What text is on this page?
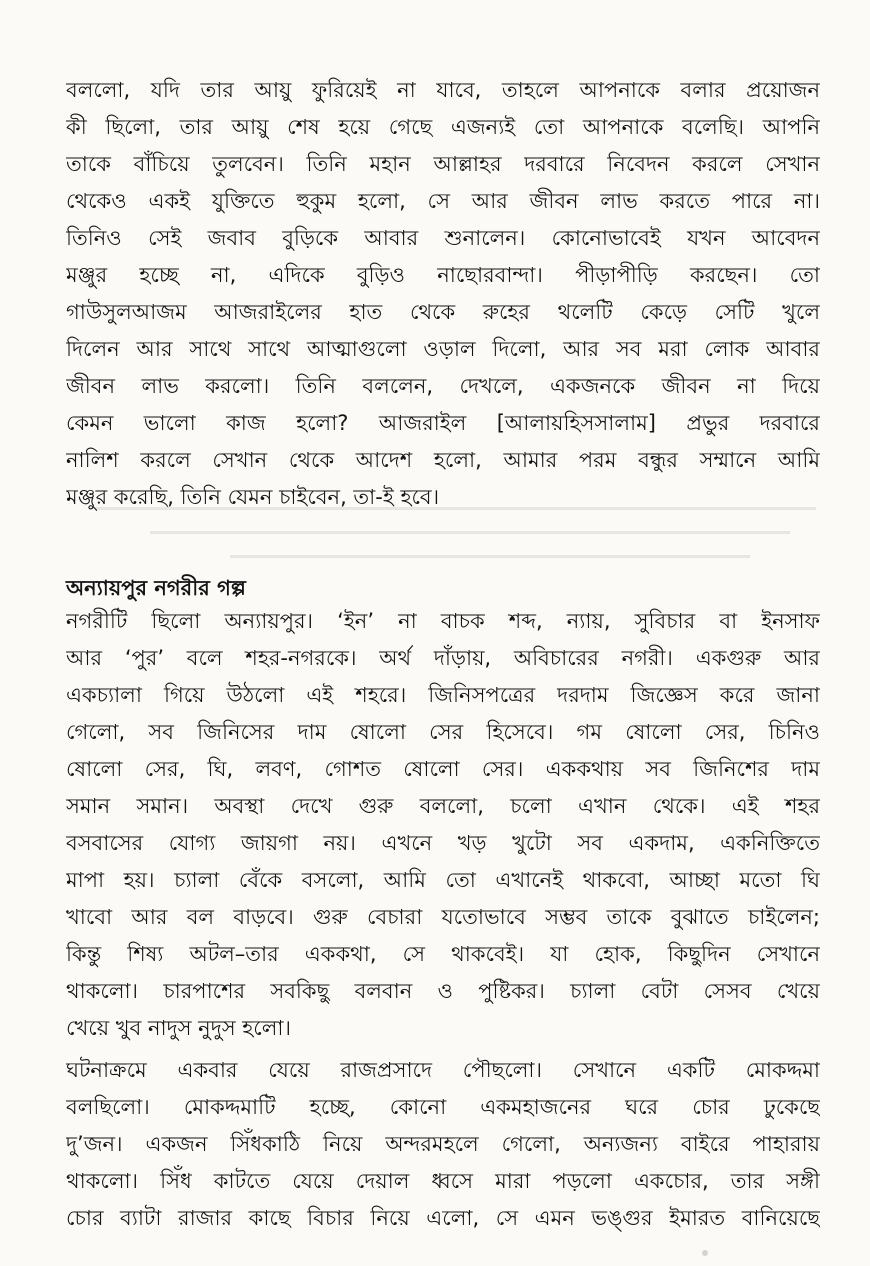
বললো, যদি তার আয়ু ফুরিয়েই না যাবে, তাহলে আপনাকে বলার প্রয়োজন
কী ছিলো, তার আয়ু শেষ হয়ে গেছে এজন্যই তো আপনাকে বলেছি। আপনি
তাকে বাঁচিয়ে তুলবেন। তিনি মহান আল্লাহর দরবারে নিবেদন করলে সেখান
থেকেও একই যুক্তিতে হুকুম হলো, সে আর জীবন লাভ করতে পারে না।
তিনিও সেই জবাব বুড়িকে আবার শুনালেন। কোনোভাবেই যখন আবেদন
মঞ্জুর হচ্ছে না, এদিকে বুড়িও নাছোরবান্দা। পীড়াপীড়ি করছেন। তো
গাউসুলআজম আজরাইলের হাত থেকে রুহের থলেটি কেড়ে সেটি খুলে
দিলেন আর সাথে সাথে আত্মাগুলো ওড়াল দিলো, আর সব মরা লোক আবার
জীবন লাভ করলো। তিনি বললেন, দেখলে, একজনকে জীবন না দিয়ে
কেমন ভালো কাজ হলো? আজরাইল [আলায়হিসসালাম] প্রভুর দরবারে
নালিশ করলে সেখান থেকে আদেশ হলো, আমার পরম বন্ধুর সম্মানে আমি
মঞ্জুর করেছি, তিনি যেমন চাইবেন, তা-ই হবে।
অন্যায়পুর নগরীর গল্প
নগরীটি ছিলো অন্যায়পুর। ‘ইন’ না বাচক শব্দ, ন্যায়, সুবিচার বা ইনসাফ
আর ‘পুর’ বলে শহর-নগরকে। অর্থ দাঁড়ায়, অবিচারের নগরী। একগুরু আর
একচ্যালা গিয়ে উঠলো এই শহরে। জিনিসপত্রের দরদাম জিজ্ঞেস করে জানা
গেলো, সব জিনিসের দাম ষোলো সের হিসেবে। গম ষোলো সের, চিনিও
ষোলো সের, ঘি, লবণ, গোশত ষোলো সের। এককথায় সব জিনিশের দাম
সমান সমান। অবস্থা দেখে গুরু বললো, চলো এখান থেকে। এই শহর
বসবাসের যোগ্য জায়গা নয়। এখনে খড় খুটো সব একদাম, একনিক্তিতে
মাপা হয়। চ্যালা বেঁকে বসলো, আমি তো এখানেই থাকবো, আচ্ছা মতো ঘি
খাবো আর বল বাড়বে। গুরু বেচারা যতোভাবে সম্ভব তাকে বুঝাতে চাইলেন;
কিন্তু শিষ্য অটল–তার এককথা, সে থাকবেই। যা হোক, কিছুদিন সেখানে
থাকলো। চারপাশের সবকিছু বলবান ও পুষ্টিকর। চ্যালা বেটা সেসব খেয়ে
খেয়ে খুব নাদুস নুদুস হলো।
ঘটনাক্রমে একবার যেয়ে রাজপ্রসাদে পৌছলো। সেখানে একটি মোকদ্দমা
বলছিলো। মোকদ্দমাটি হচ্ছে, কোনো একমহাজনের ঘরে চোর ঢুকেছে
দু’জন। একজন সিঁধকাঠি নিয়ে অন্দরমহলে গেলো, অন্যজন্য বাইরে পাহারায়
থাকলো। সিঁধ কাটতে যেয়ে দেয়াল ধ্বসে মারা পড়লো একচোর, তার সঙ্গী
চোর ব্যাটা রাজার কাছে বিচার নিয়ে এলো, সে এমন ভঙ্গুর ইমারত বানিয়েছে
